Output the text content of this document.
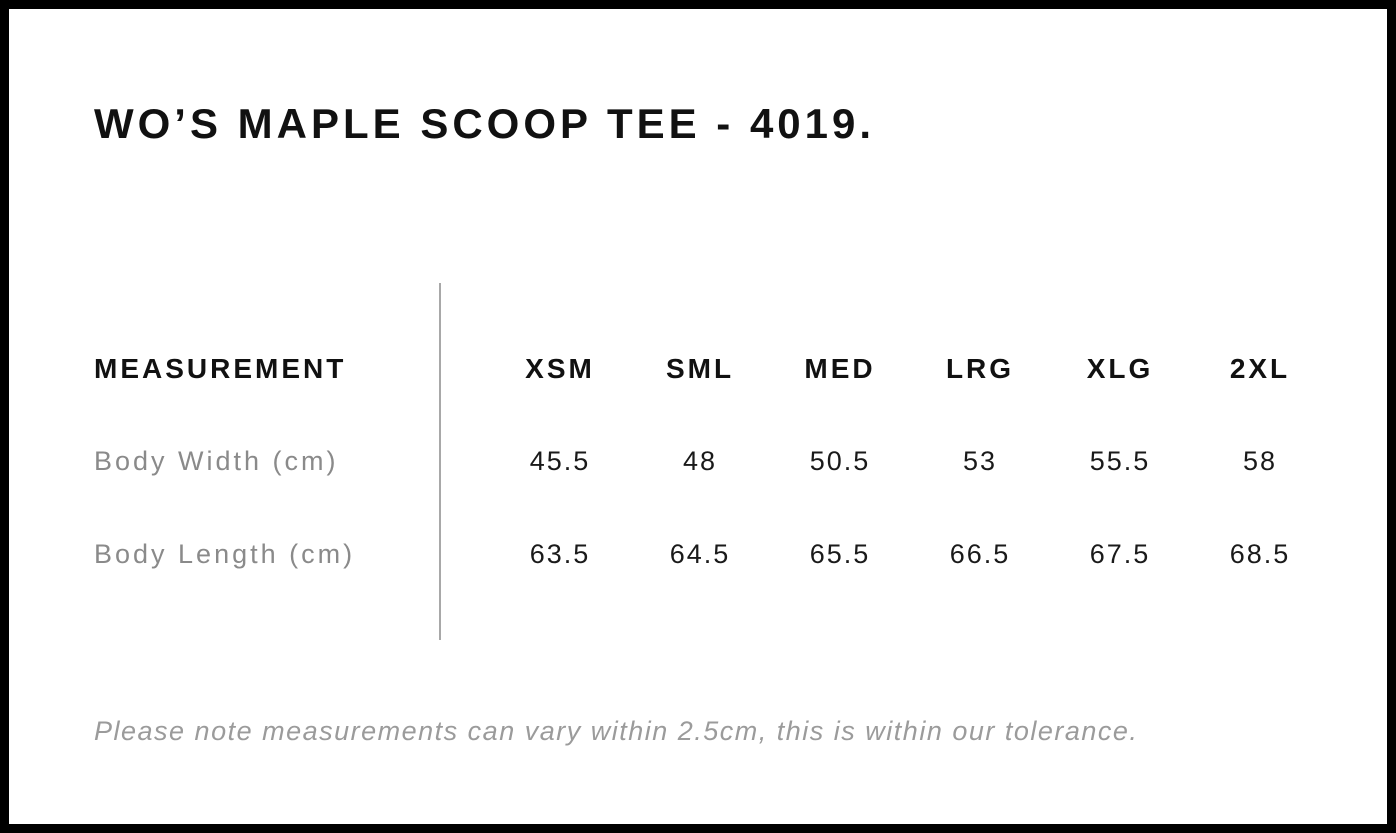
WO’S MAPLE SCOOP TEE - 4019.
MEASUREMENT	XSM	SML	MED	LRG	XLG	2XL
Body Width (cm)	45.5	48	50.5	53	55.5	58
Body Length (cm)	63.5	64.5	65.5	66.5	67.5	68.5

Please note measurements can vary within 2.5cm, this is within our tolerance.
